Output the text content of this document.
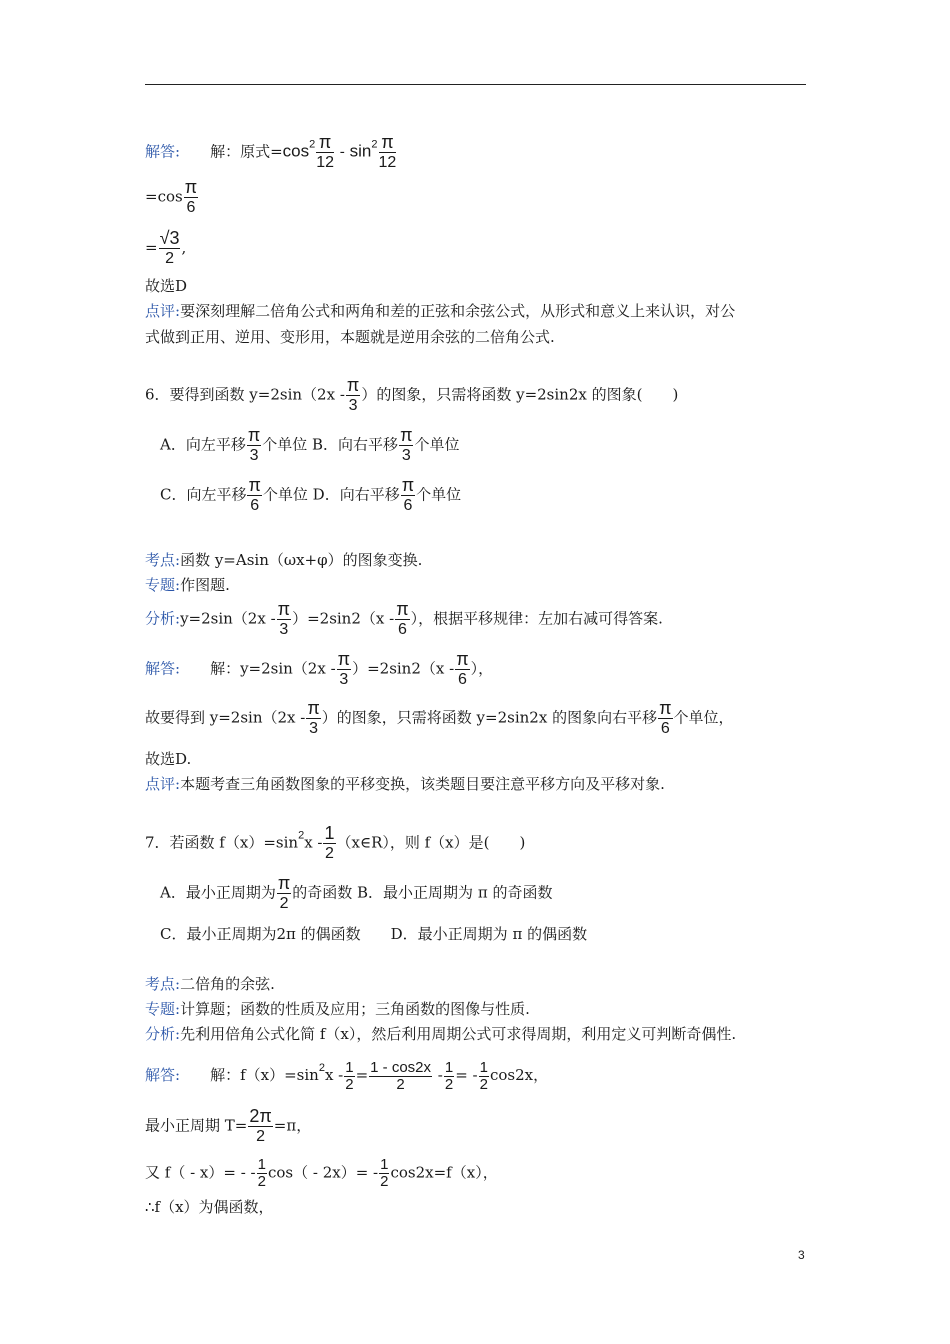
解答: 解：原式$=\cos^2 \frac{\pi}{12} - \sin^2 \frac{\pi}{12}$
$=\cos \frac{\pi}{6}$
= $\frac{√3}{2}$ ,
故选D
点评:要深刻理解二倍角公式和两角和差的正弦和余弦公式，从形式和意义上来认识，对公
式做到正用、逆用、变形用，本题就是逆用余弦的二倍角公式.
6．要得到函数 $y=2\sin(2x - \frac{\pi}{3}$ ）的图象，只需将函数 y=2sin2x 的图象(　　)
A．向左平移 $\frac{\pi}{3}$ 个单位 B．向右平移 $\frac{\pi}{3}$ 个单位
C．向左平移 $\frac{\pi}{6}$ 个单位 D．向右平移 $\frac{\pi}{6}$ 个单位
考点:函数 y=Asin（ωx+φ）的图象变换.
专题:作图题.
分析:y=2sin（2x - $\frac{\pi}{3} )=2\sin 2(x - \frac{\pi}{6}$ ），根据平移规律：左加右减可得答案.
解答: 解：$y=2\sin(2x - \frac{\pi}{3} )=2\sin 2(x - \frac{\pi}{6}$ ），
故要得到 $y=2\sin(2x - \frac{\pi}{3}$ ）的图象，只需将函数 y=2sin2x 的图象向右平移 $\frac{\pi}{6}$ 个单位，
故选D.
点评:本题考查三角函数图象的平移变换，该类题目要注意平移方向及平移对象.
7．若函数 $f(x)=\sin^2x - \frac{1}{2}$ （x∈R），则 f（x）是(　　)
A．最小正周期为 $\frac{\pi}{2}$ 的奇函数 B．最小正周期为 π 的奇函数
C．最小正周期为2π 的偶函数　　D．最小正周期为 π 的偶函数
考点:二倍角的余弦.
专题:计算题；函数的性质及应用；三角函数的图像与性质.
分析:先利用倍角公式化简 f（x），然后利用周期公式可求得周期，利用定义可判断奇偶性.
解答: 解：$f(x)=\sin^2x - \frac{1}{2} = \frac{1 - \cos 2x}{2} - \frac{1}{2}$ = - $\frac{1}{2} \cos 2x$，
最小正周期 $T= \frac{2\pi}{2} =\pi$，
又 f（ - x）= - - $\frac{1}{2} \cos( - 2x)= - \frac{1}{2} \cos 2x=f(x)$，
∴f（x）为偶函数，
3
